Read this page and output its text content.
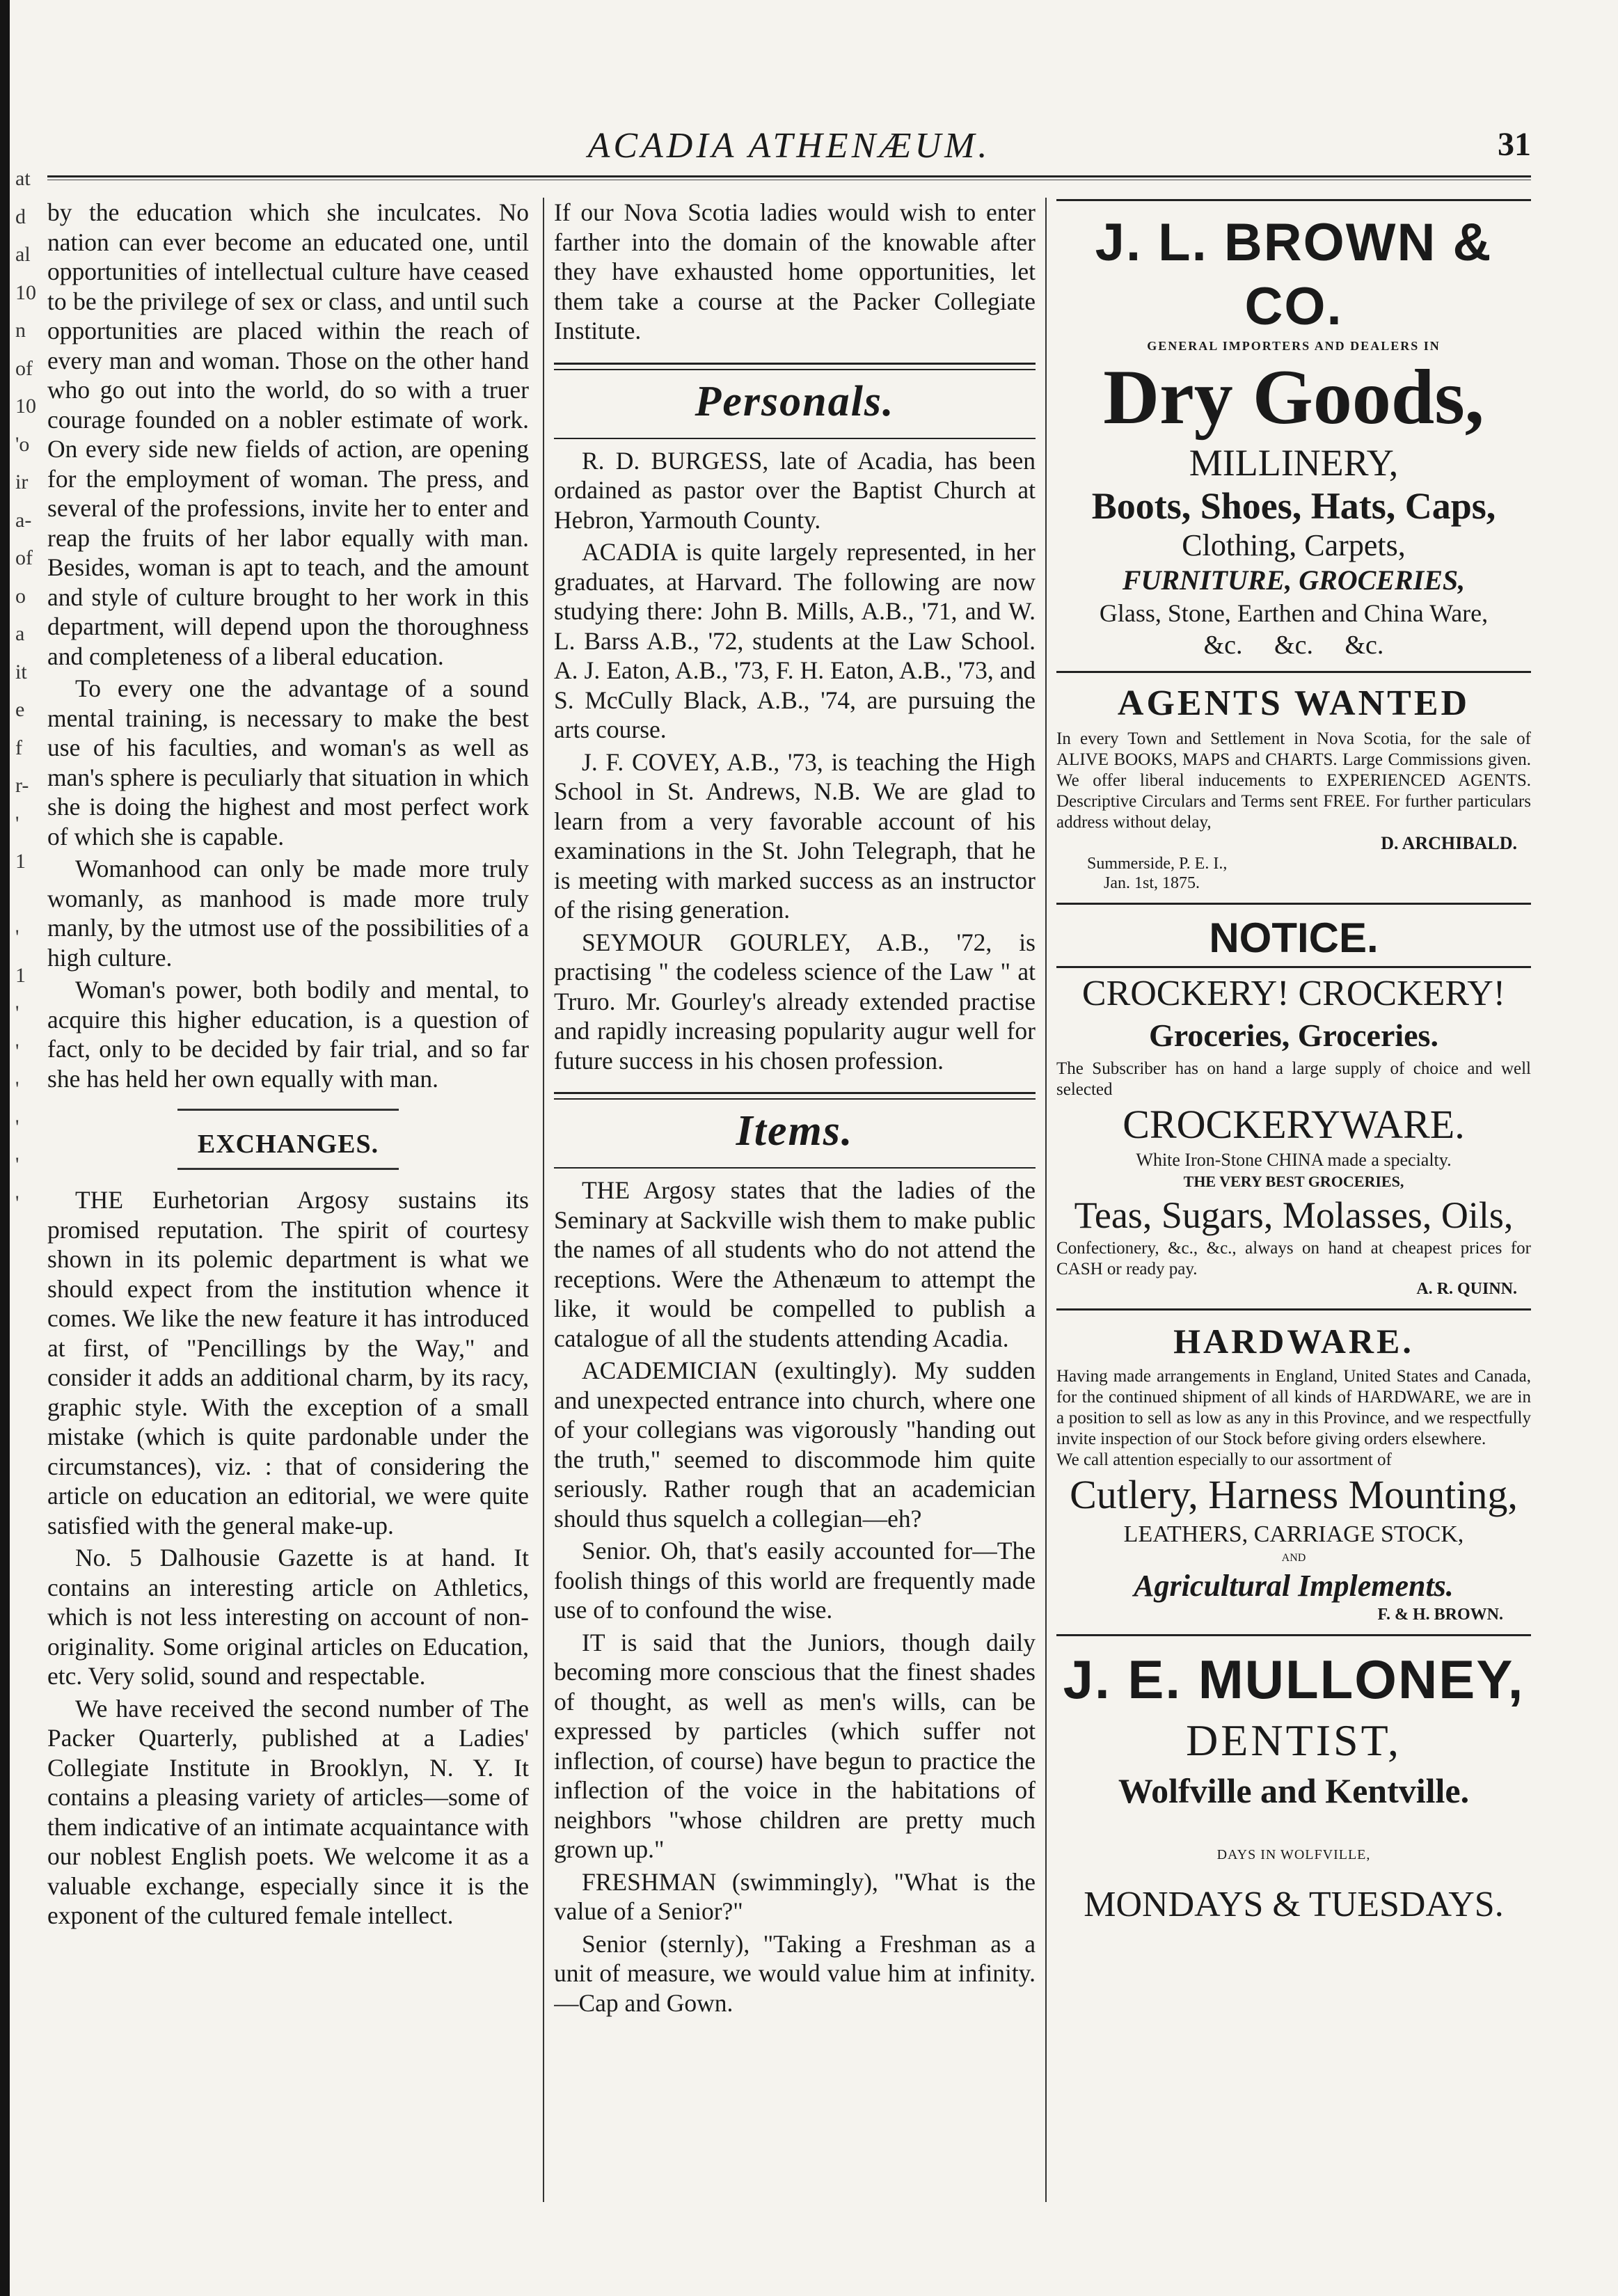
at
d
al
10
n
of
10
'o
ir
a-
of
o
a
it
e
f
r-
'
1
'
1
'
'
'
'
'
'
ACADIA ATHENÆUM.	31

by the education which she inculcates. No nation can ever become an educated one, until opportunities of intellectual culture have ceased to be the privilege of sex or class, and until such opportunities are placed within the reach of every man and woman. Those on the other hand who go out into the world, do so with a truer courage founded on a nobler estimate of work. On every side new fields of action, are opening for the employment of woman. The press, and several of the professions, invite her to enter and reap the fruits of her labor equally with man. Besides, woman is apt to teach, and the amount and style of culture brought to her work in this department, will depend upon the thoroughness and completeness of a liberal education.

To every one the advantage of a sound mental training, is necessary to make the best use of his faculties, and woman's as well as man's sphere is peculiarly that situation in which she is doing the highest and most perfect work of which she is capable.

Womanhood can only be made more truly womanly, as manhood is made more truly manly, by the utmost use of the possibilities of a high culture.

Woman's power, both bodily and mental, to acquire this higher education, is a question of fact, only to be decided by fair trial, and so far she has held her own equally with man.

EXCHANGES.

THE Eurhetorian Argosy sustains its promised reputation. The spirit of courtesy shown in its polemic department is what we should expect from the institution whence it comes. We like the new feature it has introduced at first, of "Pencillings by the Way," and consider it adds an additional charm, by its racy, graphic style. With the exception of a small mistake (which is quite pardonable under the circumstances), viz. : that of considering the article on education an editorial, we were quite satisfied with the general make-up.

No. 5 Dalhousie Gazette is at hand. It contains an interesting article on Athletics, which is not less interesting on account of non-originality. Some original articles on Education, etc. Very solid, sound and respectable.

We have received the second number of The Packer Quarterly, published at a Ladies' Collegiate Institute in Brooklyn, N. Y. It contains a pleasing variety of articles—some of them indicative of an intimate acquaintance with our noblest English poets. We welcome it as a valuable exchange, especially since it is the exponent of the cultured female intellect.

If our Nova Scotia ladies would wish to enter farther into the domain of the knowable after they have exhausted home opportunities, let them take a course at the Packer Collegiate Institute.

Personals.

R. D. BURGESS, late of Acadia, has been ordained as pastor over the Baptist Church at Hebron, Yarmouth County.

ACADIA is quite largely represented, in her graduates, at Harvard. The following are now studying there: John B. Mills, A.B., '71, and W. L. Barss A.B., '72, students at the Law School. A. J. Eaton, A.B., '73, F. H. Eaton, A.B., '73, and S. McCully Black, A.B., '74, are pursuing the arts course.

J. F. COVEY, A.B., '73, is teaching the High School in St. Andrews, N.B. We are glad to learn from a very favorable account of his examinations in the St. John Telegraph, that he is meeting with marked success as an instructor of the rising generation.

SEYMOUR GOURLEY, A.B., '72, is practising " the codeless science of the Law " at Truro. Mr. Gourley's already extended practise and rapidly increasing popularity augur well for future success in his chosen profession.

Items.

THE Argosy states that the ladies of the Seminary at Sackville wish them to make public the names of all students who do not attend the receptions. Were the Athenæum to attempt the like, it would be compelled to publish a catalogue of all the students attending Acadia.

ACADEMICIAN (exultingly). My sudden and unexpected entrance into church, where one of your collegians was vigorously "handing out the truth," seemed to discommode him quite seriously. Rather rough that an academician should thus squelch a collegian—eh?

Senior. Oh, that's easily accounted for—The foolish things of this world are frequently made use of to confound the wise.

IT is said that the Juniors, though daily becoming more conscious that the finest shades of thought, as well as men's wills, can be expressed by particles (which suffer not inflection, of course) have begun to practice the inflection of the voice in the habitations of neighbors "whose children are pretty much grown up."

FRESHMAN (swimmingly), "What is the value of a Senior?"

Senior (sternly), "Taking a Freshman as a unit of measure, we would value him at infinity.—Cap and Gown.

J. L. BROWN & CO.
GENERAL IMPORTERS AND DEALERS IN
Dry Goods,
MILLINERY,
Boots, Shoes, Hats, Caps,
Clothing, Carpets,
FURNITURE, GROCERIES,
Glass, Stone, Earthen and China Ware,
&c. &c. &c.
AGENTS WANTED
In every Town and Settlement in Nova Scotia, for the sale of ALIVE BOOKS, MAPS and CHARTS. Large Commissions given. We offer liberal inducements to EXPERIENCED AGENTS. Descriptive Circulars and Terms sent FREE. For further particulars address without delay,
D. ARCHIBALD.
Summerside, P. E. I.,
Jan. 1st, 1875.
NOTICE.
CROCKERY! CROCKERY!
Groceries, Groceries.
The Subscriber has on hand a large supply of choice and well selected
CROCKERYWARE.
White Iron-Stone CHINA made a specialty.
THE VERY BEST GROCERIES,
Teas, Sugars, Molasses, Oils,
Confectionery, &c., &c., always on hand at cheapest prices for CASH or ready pay.
A. R. QUINN.
HARDWARE.
Having made arrangements in England, United States and Canada, for the continued shipment of all kinds of HARDWARE, we are in a position to sell as low as any in this Province, and we respectfully invite inspection of our Stock before giving orders elsewhere.
We call attention especially to our assortment of
Cutlery, Harness Mounting,
LEATHERS, CARRIAGE STOCK,
AND
Agricultural Implements.
F. & H. BROWN.
J. E. MULLONEY,
DENTIST,
Wolfville and Kentville.
DAYS IN WOLFVILLE,
MONDAYS & TUESDAYS.
